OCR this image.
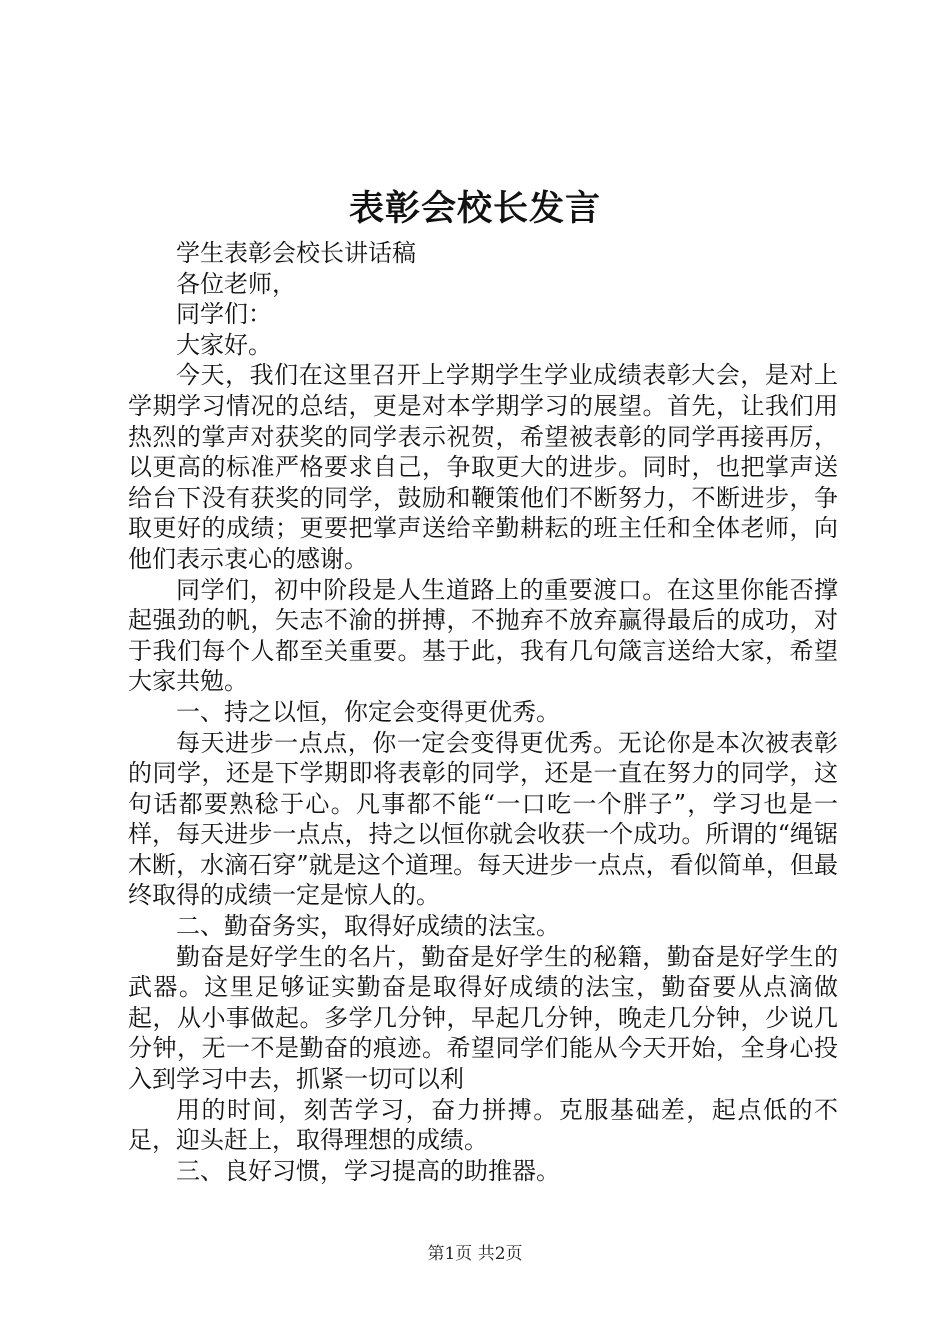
表彰会校长发言

学生表彰会校长讲话稿

各位老师，

同学们：

大家好。

今天，我们在这里召开上学期学生学业成绩表彰大会，是对上学期学习情况的总结，更是对本学期学习的展望。首先，让我们用热烈的掌声对获奖的同学表示祝贺，希望被表彰的同学再接再厉，以更高的标准严格要求自己，争取更大的进步。同时，也把掌声送给台下没有获奖的同学，鼓励和鞭策他们不断努力，不断进步，争取更好的成绩；更要把掌声送给辛勤耕耘的班主任和全体老师，向他们表示衷心的感谢。

同学们，初中阶段是人生道路上的重要渡口。在这里你能否撑起强劲的帆，矢志不渝的拼搏，不抛弃不放弃赢得最后的成功，对于我们每个人都至关重要。基于此，我有几句箴言送给大家，希望大家共勉。

一、持之以恒，你定会变得更优秀。

每天进步一点点，你一定会变得更优秀。无论你是本次被表彰的同学，还是下学期即将表彰的同学，还是一直在努力的同学，这句话都要熟稔于心。凡事都不能“一口吃一个胖子”，学习也是一样，每天进步一点点，持之以恒你就会收获一个成功。所谓的“绳锯木断，水滴石穿”就是这个道理。每天进步一点点，看似简单，但最终取得的成绩一定是惊人的。

二、勤奋务实，取得好成绩的法宝。

勤奋是好学生的名片，勤奋是好学生的秘籍，勤奋是好学生的武器。这里足够证实勤奋是取得好成绩的法宝，勤奋要从点滴做起，从小事做起。多学几分钟，早起几分钟，晚走几分钟，少说几分钟，无一不是勤奋的痕迹。希望同学们能从今天开始，全身心投入到学习中去，抓紧一切可以利

用的时间，刻苦学习，奋力拼搏。克服基础差，起点低的不足，迎头赶上，取得理想的成绩。

三、良好习惯，学习提高的助推器。

第1页 共2页
